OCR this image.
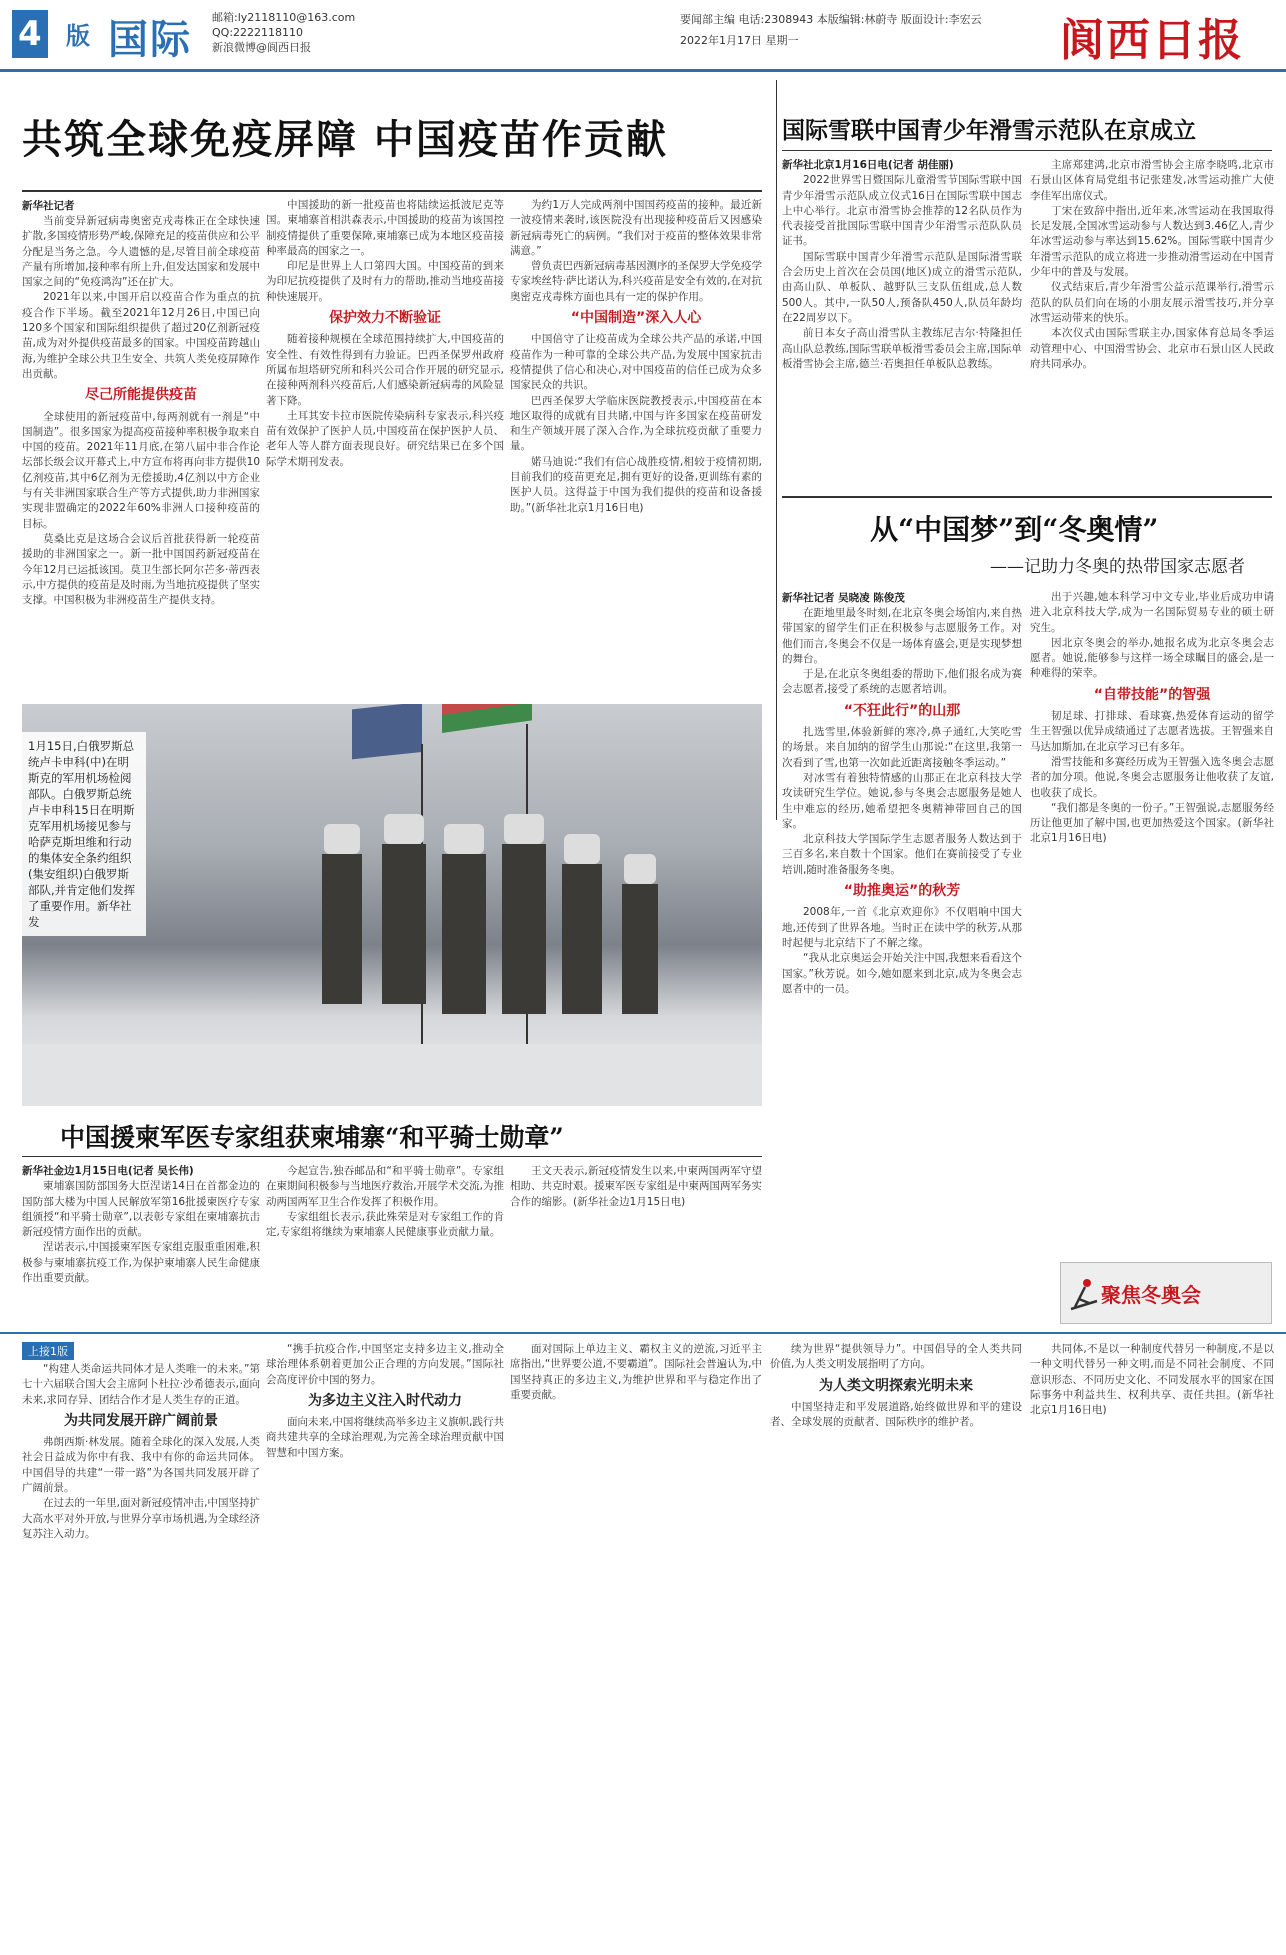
4 版 国际 邮箱:ly2118110@163.com
QQ:2222118110
新浪微博@阆西日报
要闻部主编 电话:2308943 本版编辑:林蔚寺 版面设计:李宏云
2022年1月17日 星期一	阆西日报
共筑全球免疫屏障 中国疫苗作贡献
新华社记者

当前变异新冠病毒奥密克戎毒株正在全球快速扩散,多国疫情形势严峻,保障充足的疫苗供应和公平分配是当务之急。今人遗憾的是,尽管目前全球疫苗产量有所增加,接种率有所上升,但发达国家和发展中国家之间的“免疫鸿沟”还在扩大。

2021年以来,中国开启以疫苗合作为重点的抗疫合作下半场。截至2021年12月26日,中国已向120多个国家和国际组织提供了超过20亿剂新冠疫苗,成为对外提供疫苗最多的国家。中国疫苗跨越山海,为维护全球公共卫生安全、共筑人类免疫屏障作出贡献。

尽己所能提供疫苗

全球使用的新冠疫苗中,每两剂就有一剂是“中国制造”。很多国家为提高疫苗接种率积极争取来自中国的疫苗。2021年11月底,在第八届中非合作论坛部长级会议开幕式上,中方宣布将再向非方提供10亿剂疫苗,其中6亿剂为无偿援助,4亿剂以中方企业与有关非洲国家联合生产等方式提供,助力非洲国家实现非盟确定的2022年60%非洲人口接种疫苗的目标。

莫桑比克是这场合会议后首批获得新一轮疫苗援助的非洲国家之一。新一批中国国药新冠疫苗在今年12月已运抵该国。莫卫生部长阿尔芒多·蒂西表示,中方提供的疫苗是及时雨,为当地抗疫提供了坚实支撑。中国积极为非洲疫苗生产提供支持。

中国援助的新一批疫苗也将陆续运抵波尼克等国。柬埔寨首相洪森表示,中国援助的疫苗为该国控制疫情提供了重要保障,柬埔寨已成为本地区疫苗接种率最高的国家之一。

印尼是世界上人口第四大国。中国疫苗的到来为印尼抗疫提供了及时有力的帮助,推动当地疫苗接种快速展开。

保护效力不断验证

随着接种规模在全球范围持续扩大,中国疫苗的安全性、有效性得到有力验证。巴西圣保罗州政府所属布坦塔研究所和科兴公司合作开展的研究显示,在接种两剂科兴疫苗后,人们感染新冠病毒的风险显著下降。

土耳其安卡拉市医院传染病科专家表示,科兴疫苗有效保护了医护人员,中国疫苗在保护医护人员、老年人等人群方面表现良好。研究结果已在多个国际学术期刊发表。

为约1万人完成两剂中国国药疫苗的接种。最近新一波疫情来袭时,该医院没有出现接种疫苗后又因感染新冠病毒死亡的病例。“我们对于疫苗的整体效果非常满意。”

曾负责巴西新冠病毒基因测序的圣保罗大学免疫学专家埃丝特·萨比诺认为,科兴疫苗是安全有效的,在对抗奥密克戎毒株方面也具有一定的保护作用。

“中国制造”深入人心

中国倍守了让疫苗成为全球公共产品的承诺,中国疫苗作为一种可靠的全球公共产品,为发展中国家抗击疫情提供了信心和决心,对中国疫苗的信任已成为众多国家民众的共识。

巴西圣保罗大学临床医院教授表示,中国疫苗在本地区取得的成就有目共睹,中国与许多国家在疫苗研发和生产领域开展了深入合作,为全球抗疫贡献了重要力量。

婼马迪说:“我们有信心战胜疫情,相较于疫情初期,目前我们的疫苗更充足,拥有更好的设备,更训练有素的医护人员。这得益于中国为我们提供的疫苗和设备援助。”(新华社北京1月16日电)

国际雪联中国青少年滑雪示范队在京成立
新华社北京1月16日电(记者 胡佳丽)

2022世界雪日暨国际儿童滑雪节国际雪联中国青少年滑雪示范队成立仪式16日在国际雪联中国志上中心举行。北京市滑雪协会推荐的12名队员作为代表接受首批国际雪联中国青少年滑雪示范队队员证书。

国际雪联中国青少年滑雪示范队是国际滑雪联合会历史上首次在会员国(地区)成立的滑雪示范队,由高山队、单板队、越野队三支队伍组成,总人数500人。其中,一队50人,预备队450人,队员年龄均在22周岁以下。

前日本女子高山滑雪队主教练尼吉尔·特隆担任高山队总教练,国际雪联单板滑雪委员会主席,国际单板滑雪协会主席,德兰·若奥担任单板队总教练。

主席郑建鸿,北京市滑雪协会主席李晓鸣,北京市石景山区体育局党组书记张建发,冰雪运动推广大使李佳军出席仪式。

丁宋在致辞中指出,近年来,冰雪运动在我国取得长足发展,全国冰雪运动参与人数达到3.46亿人,青少年冰雪运动参与率达到15.62%。国际雪联中国青少年滑雪示范队的成立将进一步推动滑雪运动在中国青少年中的普及与发展。

仪式结束后,青少年滑雪公益示范课举行,滑雪示范队的队员们向在场的小朋友展示滑雪技巧,并分享冰雪运动带来的快乐。

本次仪式由国际雪联主办,国家体育总局冬季运动管理中心、中国滑雪协会、北京市石景山区人民政府共同承办。

从“中国梦”到“冬奥情”
——记助力冬奥的热带国家志愿者
新华社记者 吴晓凌 陈俊茂

在距地里最冬时刻,在北京冬奥会场馆内,来自热带国家的留学生们正在积极参与志愿服务工作。对他们而言,冬奥会不仅是一场体育盛会,更是实现梦想的舞台。

于是,在北京冬奥组委的帮助下,他们报名成为赛会志愿者,接受了系统的志愿者培训。

“不狂此行”的山那

扎选雪里,体验新鲜的寒冷,鼻子通红,大笑吃雪的场景。来自加纳的留学生山那说:“在这里,我第一次看到了雪,也第一次如此近距离接触冬季运动。”

对冰雪有着独特情感的山那正在北京科技大学攻读研究生学位。她说,参与冬奥会志愿服务是她人生中难忘的经历,她希望把冬奥精神带回自己的国家。

北京科技大学国际学生志愿者服务人数达到于三百多名,来自数十个国家。他们在赛前接受了专业培训,随时准备服务冬奥。

“助推奥运”的秋芳

2008年,一首《北京欢迎你》不仅唱响中国大地,还传到了世界各地。当时正在读中学的秋芳,从那时起便与北京结下了不解之缘。

“我从北京奥运会开始关注中国,我想来看看这个国家。”秋芳说。如今,她如愿来到北京,成为冬奥会志愿者中的一员。

出于兴趣,她本科学习中文专业,毕业后成功申请进入北京科技大学,成为一名国际贸易专业的硕士研究生。

因北京冬奥会的举办,她报名成为北京冬奥会志愿者。她说,能够参与这样一场全球瞩目的盛会,是一种难得的荣幸。

“自带技能”的智强

韧足球、打排球、看球赛,热爱体育运动的留学生王智强以优异成绩通过了志愿者选拔。王智强来自马达加斯加,在北京学习已有多年。

滑雪技能和多赛经历成为王智强入选冬奥会志愿者的加分项。他说,冬奥会志愿服务让他收获了友谊,也收获了成长。

“我们都是冬奥的一份子。”王智强说,志愿服务经历让他更加了解中国,也更加热爱这个国家。(新华社北京1月16日电)

聚焦冬奥会
1月15日,白俄罗斯总统卢卡申科(中)在明斯克的军用机场检阅部队。白俄罗斯总统卢卡申科15日在明斯克军用机场接见参与哈萨克斯坦维和行动的集体安全条约组织(集安组织)白俄罗斯部队,并肯定他们发挥了重要作用。新华社发
中国援柬军医专家组获柬埔寨“和平骑士勋章”
新华社金边1月15日电(记者 吴长伟)

柬埔寨国防部国务大臣涅诺14日在首都金边的国防部大楼为中国人民解放军第16批援柬医疗专家组颁授“和平骑士勋章”,以表彰专家组在柬埔寨抗击新冠疫情方面作出的贡献。

涅诺表示,中国援柬军医专家组克服重重困难,积极参与柬埔寨抗疫工作,为保护柬埔寨人民生命健康作出重要贡献。

今起宣告,独吞邮品和“和平骑士勋章”。专家组在柬期间积极参与当地医疗救治,开展学术交流,为推动两国两军卫生合作发挥了积极作用。

专家组组长表示,获此殊荣是对专家组工作的肯定,专家组将继续为柬埔寨人民健康事业贡献力量。

王文天表示,新冠疫情发生以来,中柬两国两军守望相助、共克时艰。援柬军医专家组是中柬两国两军务实合作的缩影。(新华社金边1月15日电)

上接1版

“构建人类命运共同体才是人类唯一的未来。”第七十六届联合国大会主席阿卜杜拉·沙希德表示,面向未来,求同存异、团结合作才是人类生存的正道。

为共同发展开辟广阔前景

弗朗西斯·林发展。随着全球化的深入发展,人类社会日益成为你中有我、我中有你的命运共同体。中国倡导的共建“一带一路”为各国共同发展开辟了广阔前景。

在过去的一年里,面对新冠疫情冲击,中国坚持扩大高水平对外开放,与世界分享市场机遇,为全球经济复苏注入动力。

“携手抗疫合作,中国坚定支持多边主义,推动全球治理体系朝着更加公正合理的方向发展。”国际社会高度评价中国的努力。

为多边主义注入时代动力

面向未来,中国将继续高举多边主义旗帜,践行共商共建共享的全球治理观,为完善全球治理贡献中国智慧和中国方案。

面对国际上单边主义、霸权主义的逆流,习近平主席指出,“世界要公道,不要霸道”。国际社会普遍认为,中国坚持真正的多边主义,为维护世界和平与稳定作出了重要贡献。

续为世界“提供领导力”。中国倡导的全人类共同价值,为人类文明发展指明了方向。

为人类文明探索光明未来

中国坚持走和平发展道路,始终做世界和平的建设者、全球发展的贡献者、国际秩序的维护者。

共同体,不是以一种制度代替另一种制度,不是以一种文明代替另一种文明,而是不同社会制度、不同意识形态、不同历史文化、不同发展水平的国家在国际事务中利益共生、权利共享、责任共担。(新华社北京1月16日电)
